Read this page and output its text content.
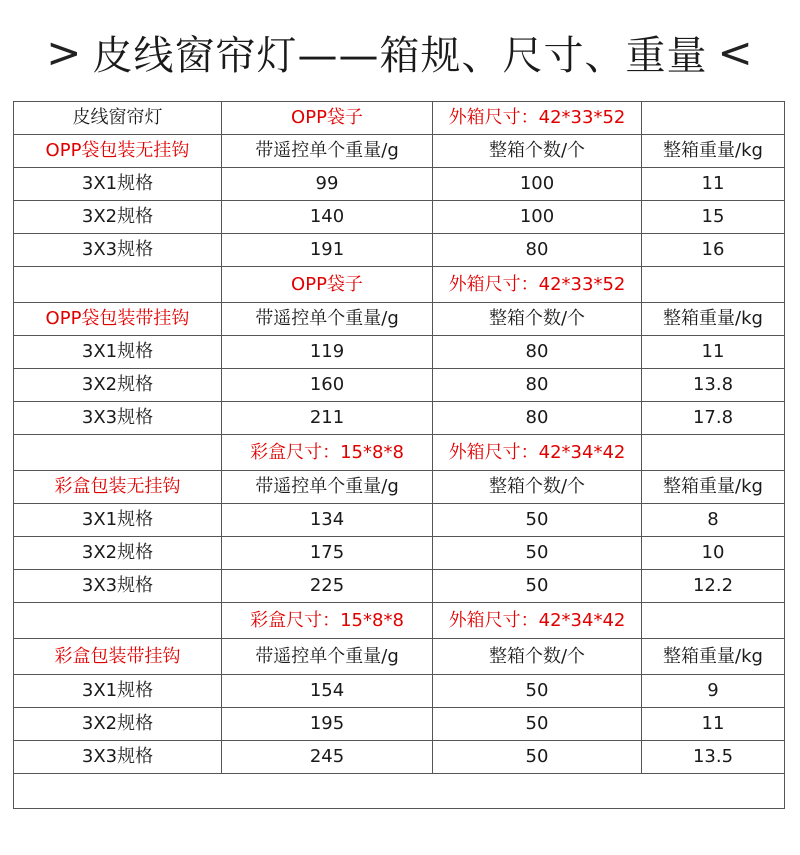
> 皮线窗帘灯——箱规、尺寸、重量 <
皮线窗帘灯	OPP袋子	外箱尺寸：42*33*52	
OPP袋包装无挂钩	带遥控单个重量/g	整箱个数/个	整箱重量/kg
3X1规格	99	100	11
3X2规格	140	100	15
3X3规格	191	80	16
	OPP袋子	外箱尺寸：42*33*52	
OPP袋包装带挂钩	带遥控单个重量/g	整箱个数/个	整箱重量/kg
3X1规格	119	80	11
3X2规格	160	80	13.8
3X3规格	211	80	17.8
	彩盒尺寸：15*8*8	外箱尺寸：42*34*42	
彩盒包装无挂钩	带遥控单个重量/g	整箱个数/个	整箱重量/kg
3X1规格	134	50	8
3X2规格	175	50	10
3X3规格	225	50	12.2
	彩盒尺寸：15*8*8	外箱尺寸：42*34*42	
彩盒包装带挂钩	带遥控单个重量/g	整箱个数/个	整箱重量/kg
3X1规格	154	50	9
3X2规格	195	50	11
3X3规格	245	50	13.5
